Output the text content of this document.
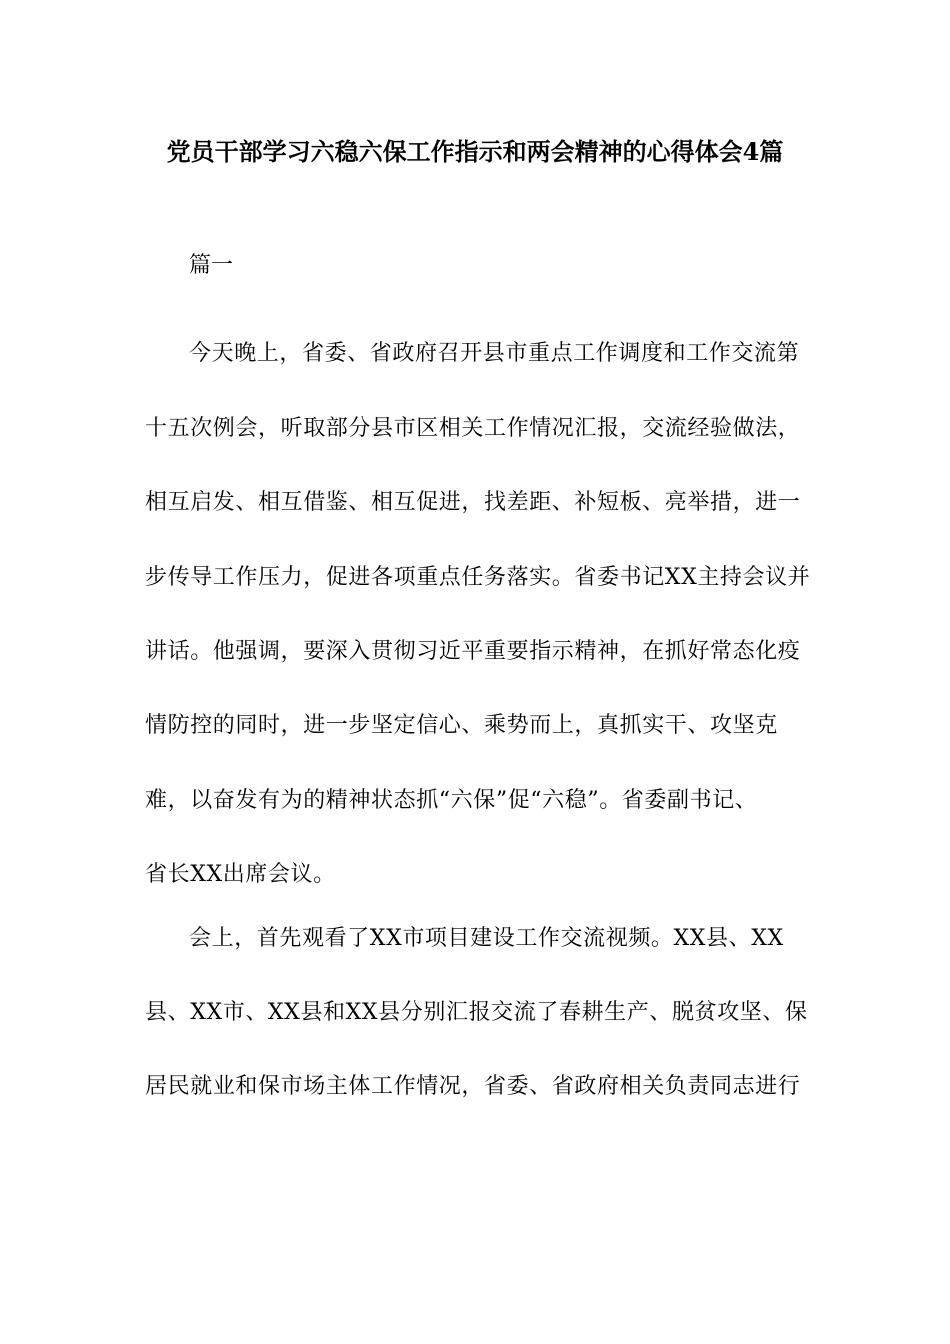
党员干部学习六稳六保工作指示和两会精神的心得体会4篇
篇一
今天晚上，省委、省政府召开县市重点工作调度和工作交流第
十五次例会，听取部分县市区相关工作情况汇报，交流经验做法，
相互启发、相互借鉴、相互促进，找差距、补短板、亮举措，进一
步传导工作压力，促进各项重点任务落实。省委书记XX主持会议并
讲话。他强调，要深入贯彻习近平重要指示精神，在抓好常态化疫
情防控的同时，进一步坚定信心、乘势而上，真抓实干、攻坚克
难，以奋发有为的精神状态抓“六保”促“六稳”。省委副书记、
省长XX出席会议。
会上，首先观看了XX市项目建设工作交流视频。XX县、XX
县、XX市、XX县和XX县分别汇报交流了春耕生产、脱贫攻坚、保
居民就业和保市场主体工作情况，省委、省政府相关负责同志进行
